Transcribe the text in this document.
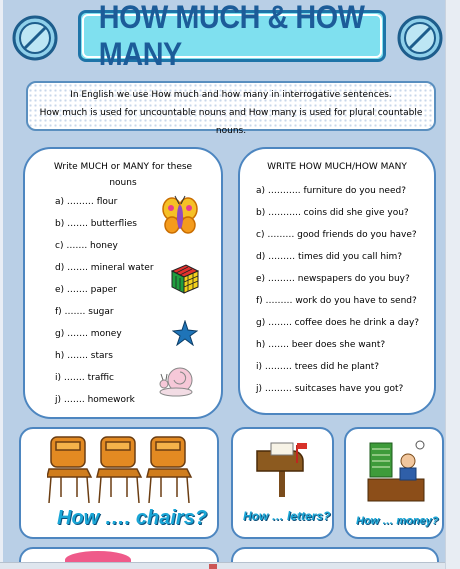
HOW MUCH & HOW MANY

In English we use How much and how many in interrogative sentences.

How much is used for uncountable nouns and How many is used for plural countable nouns.

Write MUCH or MANY for these
nouns
a) ……… flour
b) ……. butterflies
c) ……. honey
d) ……. mineral water
e) ……. paper
f) ……. sugar
g) ……. money
h) ……. stars
i) ……. traffic
j) ……. homework
WRITE HOW MUCH/HOW MANY
a) ……….. furniture do you need?
b) ……….. coins did she give you?
c) ……… good friends do you have?
d) ……… times did you call him?
e) ……… newspapers do you buy?
f) ……… work do you have to send?
g) …….. coffee does he drink a day?
h) ……. beer does she want?
i) ……… trees did he plant?
j) ……… suitcases have you got?
How …. chairs?	How … letters? How … money?
